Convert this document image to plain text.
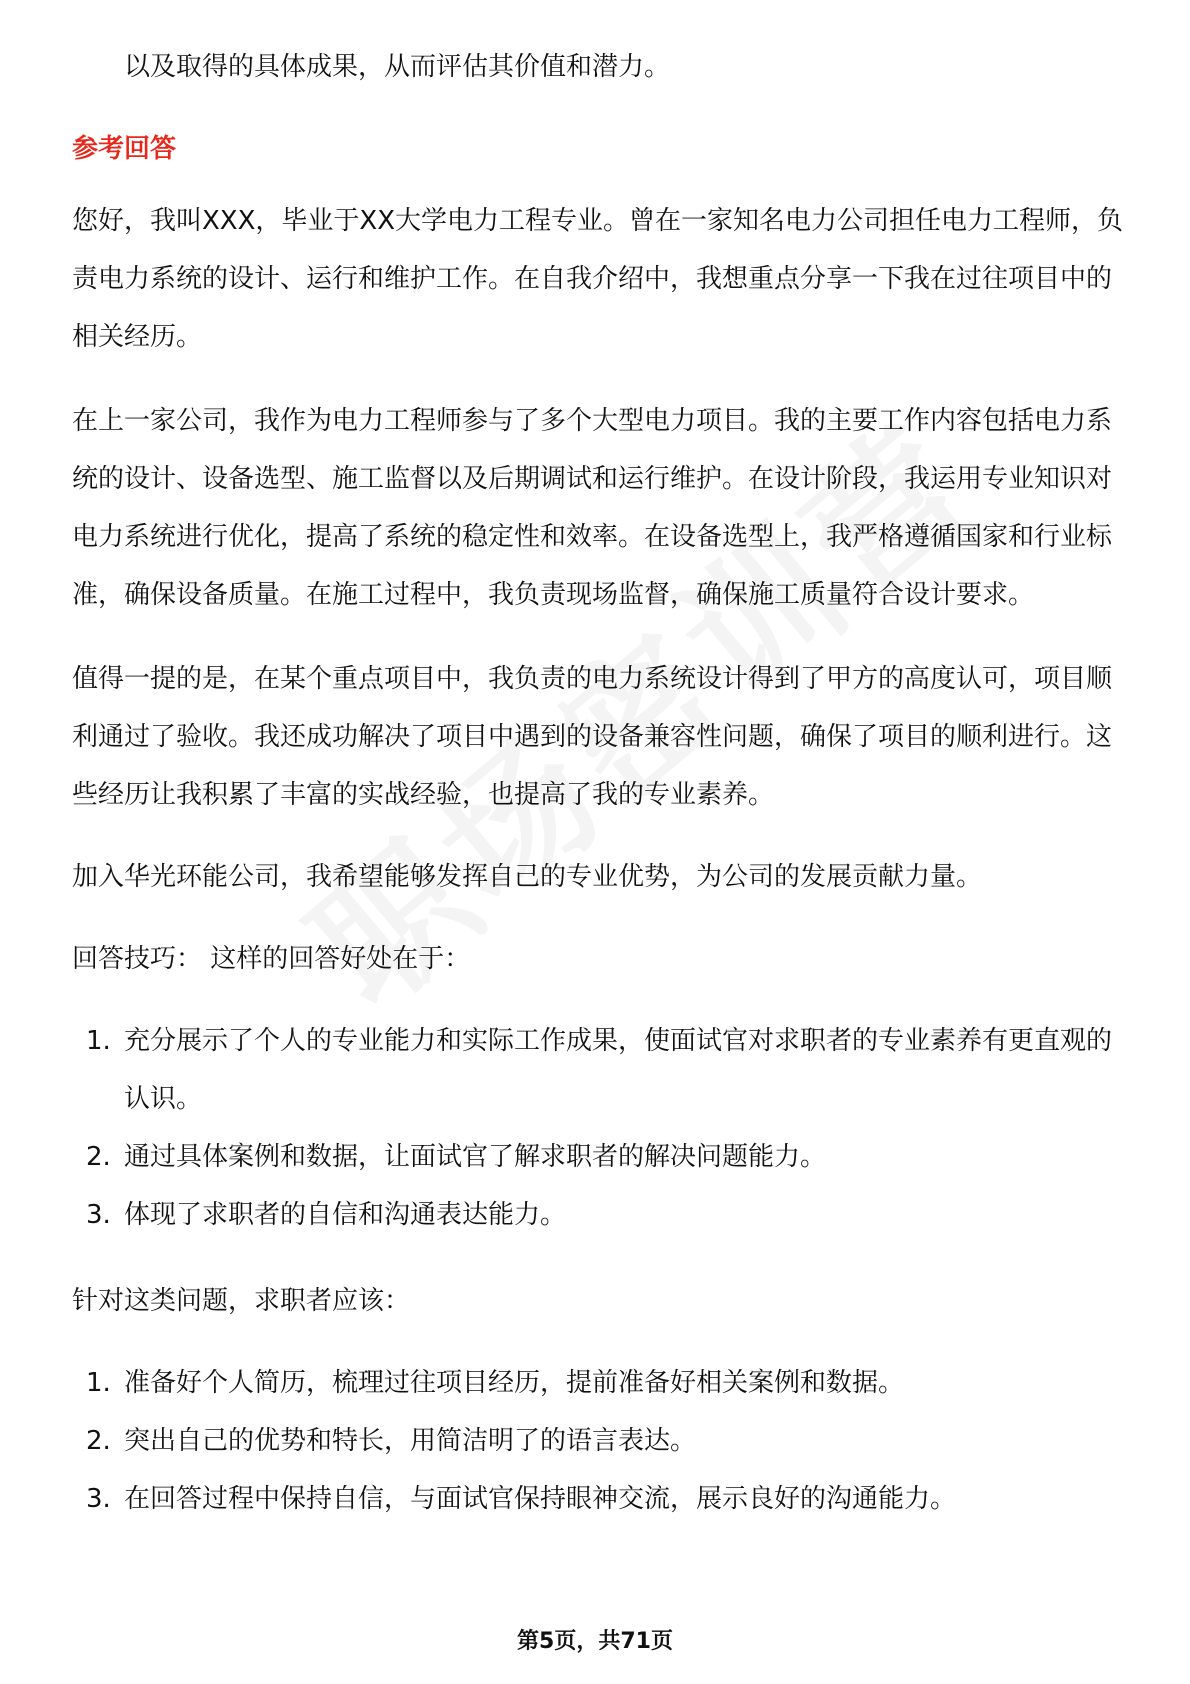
以及取得的具体成果，从而评估其价值和潜力。

参考回答

您好，我叫XXX，毕业于XX大学电力工程专业。曾在一家知名电力公司担任电力工程师，负责电力系统的设计、运行和维护工作。在自我介绍中，我想重点分享一下我在过往项目中的相关经历。

在上一家公司，我作为电力工程师参与了多个大型电力项目。我的主要工作内容包括电力系统的设计、设备选型、施工监督以及后期调试和运行维护。在设计阶段，我运用专业知识对电力系统进行优化，提高了系统的稳定性和效率。在设备选型上，我严格遵循国家和行业标准，确保设备质量。在施工过程中，我负责现场监督，确保施工质量符合设计要求。

值得一提的是，在某个重点项目中，我负责的电力系统设计得到了甲方的高度认可，项目顺利通过了验收。我还成功解决了项目中遇到的设备兼容性问题，确保了项目的顺利进行。这些经历让我积累了丰富的实战经验，也提高了我的专业素养。

加入华光环能公司，我希望能够发挥自己的专业优势，为公司的发展贡献力量。

回答技巧： 这样的回答好处在于：

1. 充分展示了个人的专业能力和实际工作成果，使面试官对求职者的专业素养有更直观的认识。
2. 通过具体案例和数据，让面试官了解求职者的解决问题能力。
3. 体现了求职者的自信和沟通表达能力。

针对这类问题，求职者应该：

1. 准备好个人简历，梳理过往项目经历，提前准备好相关案例和数据。
2. 突出自己的优势和特长，用简洁明了的语言表达。
3. 在回答过程中保持自信，与面试官保持眼神交流，展示良好的沟通能力。
第5页，共71页
